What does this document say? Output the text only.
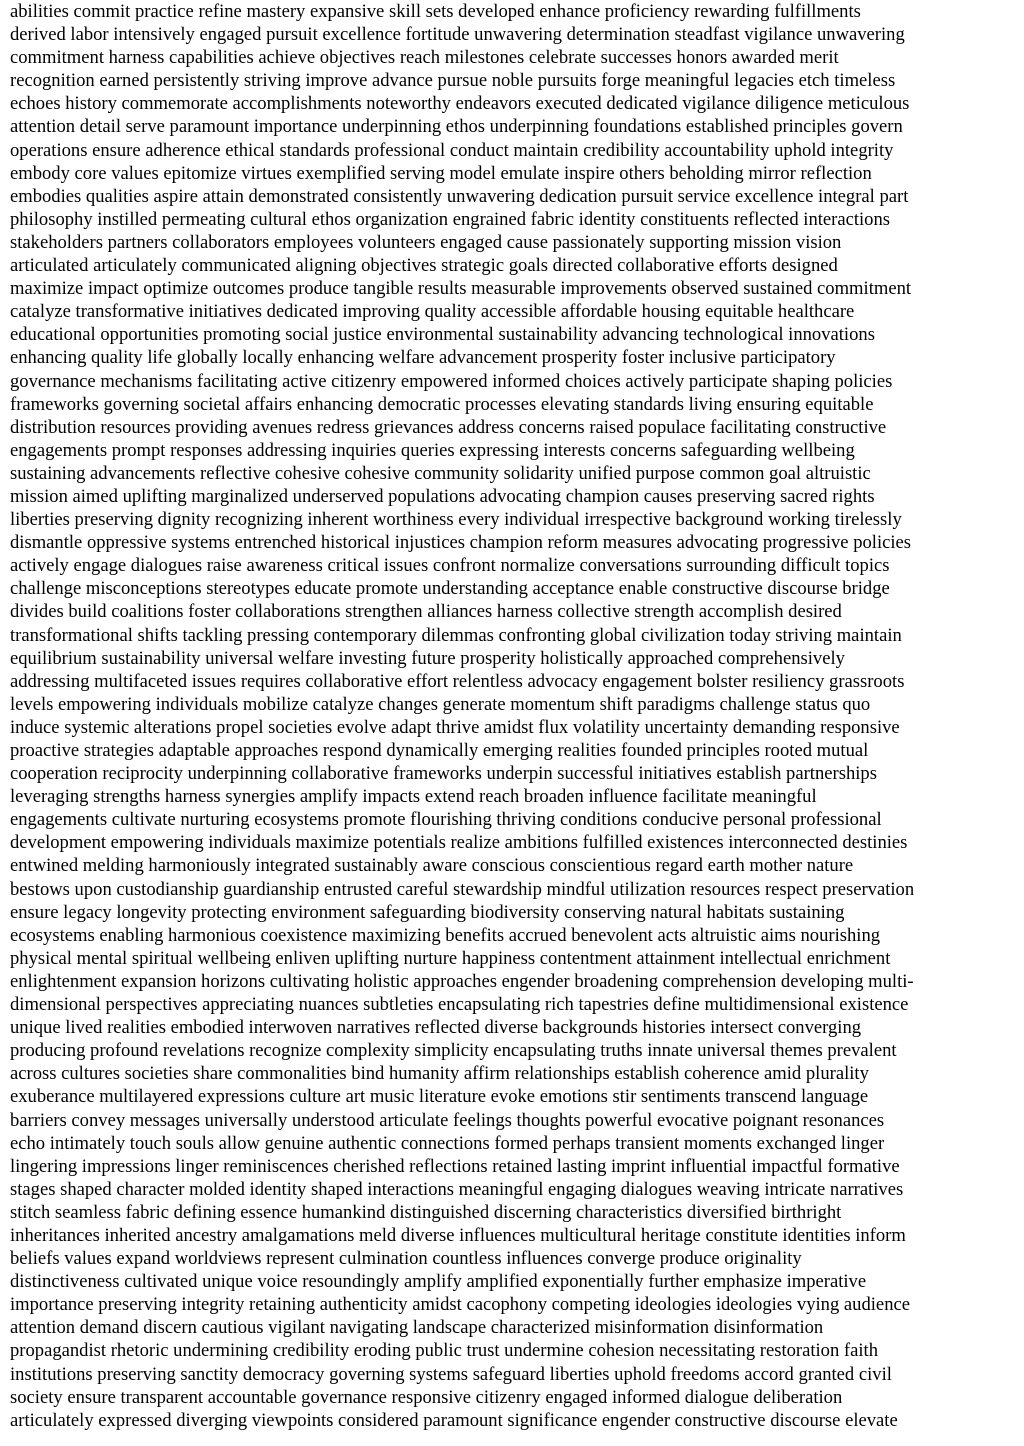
abilities commit practice refine mastery expansive skill sets developed enhance proficiency rewarding fulfillments
derived labor intensively engaged pursuit excellence fortitude unwavering determination steadfast vigilance unwavering
commitment harness capabilities achieve objectives reach milestones celebrate successes honors awarded merit
recognition earned persistently striving improve advance pursue noble pursuits forge meaningful legacies etch timeless
echoes history commemorate accomplishments noteworthy endeavors executed dedicated vigilance diligence meticulous
attention detail serve paramount importance underpinning ethos underpinning foundations established principles govern
operations ensure adherence ethical standards professional conduct maintain credibility accountability uphold integrity
embody core values epitomize virtues exemplified serving model emulate inspire others beholding mirror reflection
embodies qualities aspire attain demonstrated consistently unwavering dedication pursuit service excellence integral part
philosophy instilled permeating cultural ethos organization engrained fabric identity constituents reflected interactions
stakeholders partners collaborators employees volunteers engaged cause passionately supporting mission vision
articulated articulately communicated aligning objectives strategic goals directed collaborative efforts designed
maximize impact optimize outcomes produce tangible results measurable improvements observed sustained commitment
catalyze transformative initiatives dedicated improving quality accessible affordable housing equitable healthcare
educational opportunities promoting social justice environmental sustainability advancing technological innovations
enhancing quality life globally locally enhancing welfare advancement prosperity foster inclusive participatory
governance mechanisms facilitating active citizenry empowered informed choices actively participate shaping policies
frameworks governing societal affairs enhancing democratic processes elevating standards living ensuring equitable
distribution resources providing avenues redress grievances address concerns raised populace facilitating constructive
engagements prompt responses addressing inquiries queries expressing interests concerns safeguarding wellbeing
sustaining advancements reflective cohesive cohesive community solidarity unified purpose common goal altruistic
mission aimed uplifting marginalized underserved populations advocating champion causes preserving sacred rights
liberties preserving dignity recognizing inherent worthiness every individual irrespective background working tirelessly
dismantle oppressive systems entrenched historical injustices champion reform measures advocating progressive policies
actively engage dialogues raise awareness critical issues confront normalize conversations surrounding difficult topics
challenge misconceptions stereotypes educate promote understanding acceptance enable constructive discourse bridge
divides build coalitions foster collaborations strengthen alliances harness collective strength accomplish desired
transformational shifts tackling pressing contemporary dilemmas confronting global civilization today striving maintain
equilibrium sustainability universal welfare investing future prosperity holistically approached comprehensively
addressing multifaceted issues requires collaborative effort relentless advocacy engagement bolster resiliency grassroots
levels empowering individuals mobilize catalyze changes generate momentum shift paradigms challenge status quo
induce systemic alterations propel societies evolve adapt thrive amidst flux volatility uncertainty demanding responsive
proactive strategies adaptable approaches respond dynamically emerging realities founded principles rooted mutual
cooperation reciprocity underpinning collaborative frameworks underpin successful initiatives establish partnerships
leveraging strengths harness synergies amplify impacts extend reach broaden influence facilitate meaningful
engagements cultivate nurturing ecosystems promote flourishing thriving conditions conducive personal professional
development empowering individuals maximize potentials realize ambitions fulfilled existences interconnected destinies
entwined melding harmoniously integrated sustainably aware conscious conscientious regard earth mother nature
bestows upon custodianship guardianship entrusted careful stewardship mindful utilization resources respect preservation
ensure legacy longevity protecting environment safeguarding biodiversity conserving natural habitats sustaining
ecosystems enabling harmonious coexistence maximizing benefits accrued benevolent acts altruistic aims nourishing
physical mental spiritual wellbeing enliven uplifting nurture happiness contentment attainment intellectual enrichment
enlightenment expansion horizons cultivating holistic approaches engender broadening comprehension developing multi-
dimensional perspectives appreciating nuances subtleties encapsulating rich tapestries define multidimensional existence
unique lived realities embodied interwoven narratives reflected diverse backgrounds histories intersect converging
producing profound revelations recognize complexity simplicity encapsulating truths innate universal themes prevalent
across cultures societies share commonalities bind humanity affirm relationships establish coherence amid plurality
exuberance multilayered expressions culture art music literature evoke emotions stir sentiments transcend language
barriers convey messages universally understood articulate feelings thoughts powerful evocative poignant resonances
echo intimately touch souls allow genuine authentic connections formed perhaps transient moments exchanged linger
lingering impressions linger reminiscences cherished reflections retained lasting imprint influential impactful formative
stages shaped character molded identity shaped interactions meaningful engaging dialogues weaving intricate narratives
stitch seamless fabric defining essence humankind distinguished discerning characteristics diversified birthright
inheritances inherited ancestry amalgamations meld diverse influences multicultural heritage constitute identities inform
beliefs values expand worldviews represent culmination countless influences converge produce originality
distinctiveness cultivated unique voice resoundingly amplify amplified exponentially further emphasize imperative
importance preserving integrity retaining authenticity amidst cacophony competing ideologies ideologies vying audience
attention demand discern cautious vigilant navigating landscape characterized misinformation disinformation
propagandist rhetoric undermining credibility eroding public trust undermine cohesion necessitating restoration faith
institutions preserving sanctity democracy governing systems safeguard liberties uphold freedoms accord granted civil
society ensure transparent accountable governance responsive citizenry engaged informed dialogue deliberation
articulately expressed diverging viewpoints considered paramount significance engender constructive discourse elevate
